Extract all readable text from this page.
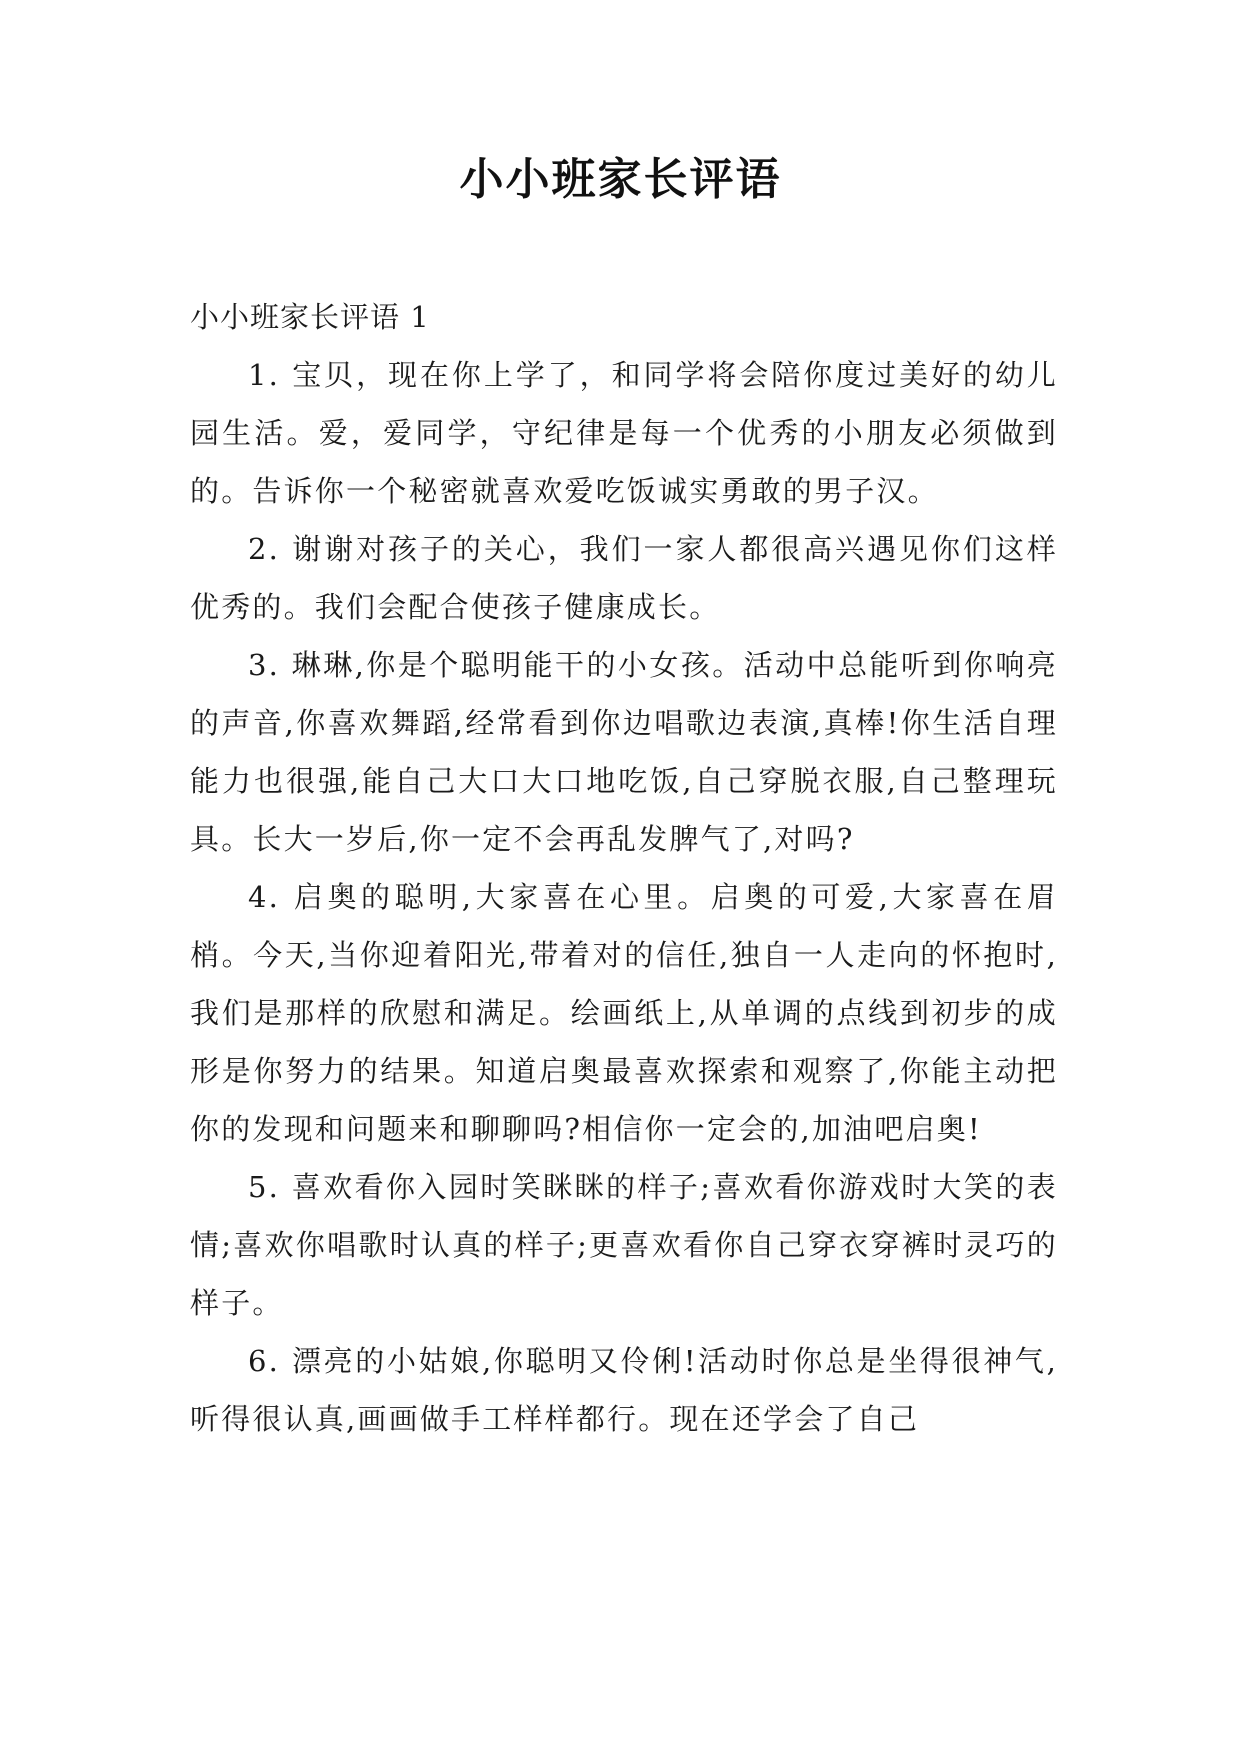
小小班家长评语

小小班家长评语 1

1. 宝贝，现在你上学了，和同学将会陪你度过美好的幼儿园生活。爱，爱同学，守纪律是每一个优秀的小朋友必须做到的。告诉你一个秘密就喜欢爱吃饭诚实勇敢的男子汉。

2. 谢谢对孩子的关心，我们一家人都很高兴遇见你们这样优秀的。我们会配合使孩子健康成长。

3. 琳琳,你是个聪明能干的小女孩。活动中总能听到你响亮的声音,你喜欢舞蹈,经常看到你边唱歌边表演,真棒!你生活自理能力也很强,能自己大口大口地吃饭,自己穿脱衣服,自己整理玩具。长大一岁后,你一定不会再乱发脾气了,对吗?

4. 启奥的聪明,大家喜在心里。启奥的可爱,大家喜在眉梢。今天,当你迎着阳光,带着对的信任,独自一人走向的怀抱时,我们是那样的欣慰和满足。绘画纸上,从单调的点线到初步的成形是你努力的结果。知道启奥最喜欢探索和观察了,你能主动把你的发现和问题来和聊聊吗?相信你一定会的,加油吧启奥!

5. 喜欢看你入园时笑眯眯的样子;喜欢看你游戏时大笑的表情;喜欢你唱歌时认真的样子;更喜欢看你自己穿衣穿裤时灵巧的样子。

6. 漂亮的小姑娘,你聪明又伶俐!活动时你总是坐得很神气,听得很认真,画画做手工样样都行。现在还学会了自己
